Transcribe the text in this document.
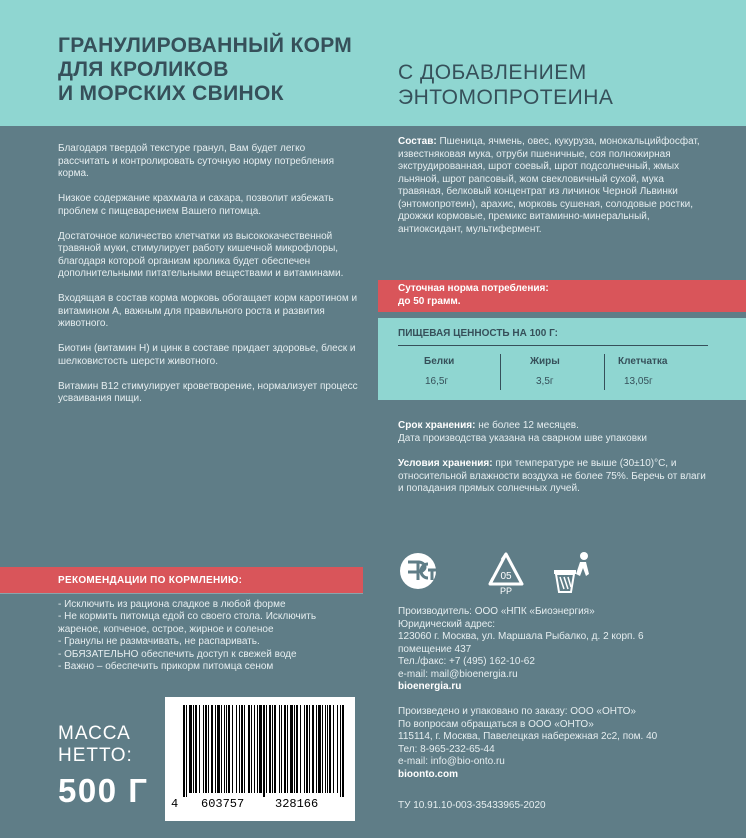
ГРАНУЛИРОВАННЫЙ КОРМ
ДЛЯ КРОЛИКОВ
И МОРСКИХ СВИНОК
С ДОБАВЛЕНИЕМ
ЭНТОМОПРОТЕИНА

Благодаря твердой текстуре гранул, Вам будет легко рассчитать и контролировать суточную норму потребления корма.

Низкое содержание крахмала и сахара, позволит избежать проблем с пищеварением Вашего питомца.

Достаточное количество клетчатки из высококачественной травяной муки, стимулирует работу кишечной микрофлоры, благодаря которой организм кролика будет обеспечен дополнительными питательными веществами и витаминами.

Входящая в состав корма морковь обогащает корм каротином и витамином А, важным для правильного роста и развития животного.

Биотин (витамин Н) и цинк в составе придает здоровье, блеск и шелковистость шерсти животного.

Витамин В12 стимулирует кроветворение, нормализует процесс усваивания пищи.

Состав: Пшеница, ячмень, овес, кукуруза, монокальцийфосфат, известняковая мука, отруби пшеничные, соя полножирная экструдированная, шрот соевый, шрот подсолнечный, жмых льняной, шрот рапсовый, жом свекловичный сухой, мука травяная, белковый концентрат из личинок Черной Львинки (энтомопротеин), арахис, морковь сушеная, солодовые ростки, дрожжи кормовые, премикс витаминно-минеральный, антиоксидант, мультифермент.
Суточная норма потребления:
до 50 грамм.
ПИЩЕВАЯ ЦЕННОСТЬ НА 100 Г:
Белки
16,5г
Жиры
3,5г
Клетчатка
13,05г
Срок хранения: не более 12 месяцев.
Дата производства указана на сварном шве упаковки
Условия хранения: при температуре не выше (30±10)°С, и относительной влажности воздуха не более 75%. Беречь от влаги и попадания прямых солнечных лучей.
05
PP
Производитель: ООО «НПК «Биоэнергия»
Юридический адрес:
123060 г. Москва, ул. Маршала Рыбалко, д. 2 корп. 6
помещение 437
Тел./факс: +7 (495) 162-10-62
e-mail: mail@bioenergia.ru
bioenergia.ru
Произведено и упаковано по заказу: ООО «ОНТО»
По вопросам обращаться в ООО «ОНТО»
115114, г. Москва, Павелецкая набережная 2с2, пом. 40
Тел: 8-965-232-65-44
e-mail: info@bio-onto.ru
bioonto.com
ТУ 10.91.10-003-35433965-2020
РЕКОМЕНДАЦИИ ПО КОРМЛЕНИЮ:
- Исключить из рациона сладкое в любой форме
- Не кормить питомца едой со своего стола. Исключить
жареное, копченое, острое, жирное и соленое
- Гранулы не размачивать, не распаривать.
- ОБЯЗАТЕЛЬНО обеспечить доступ к свежей воде
- Важно – обеспечить прикорм питомца сеном
МАССА
НЕТТО:
500 Г 4 603757	328166
